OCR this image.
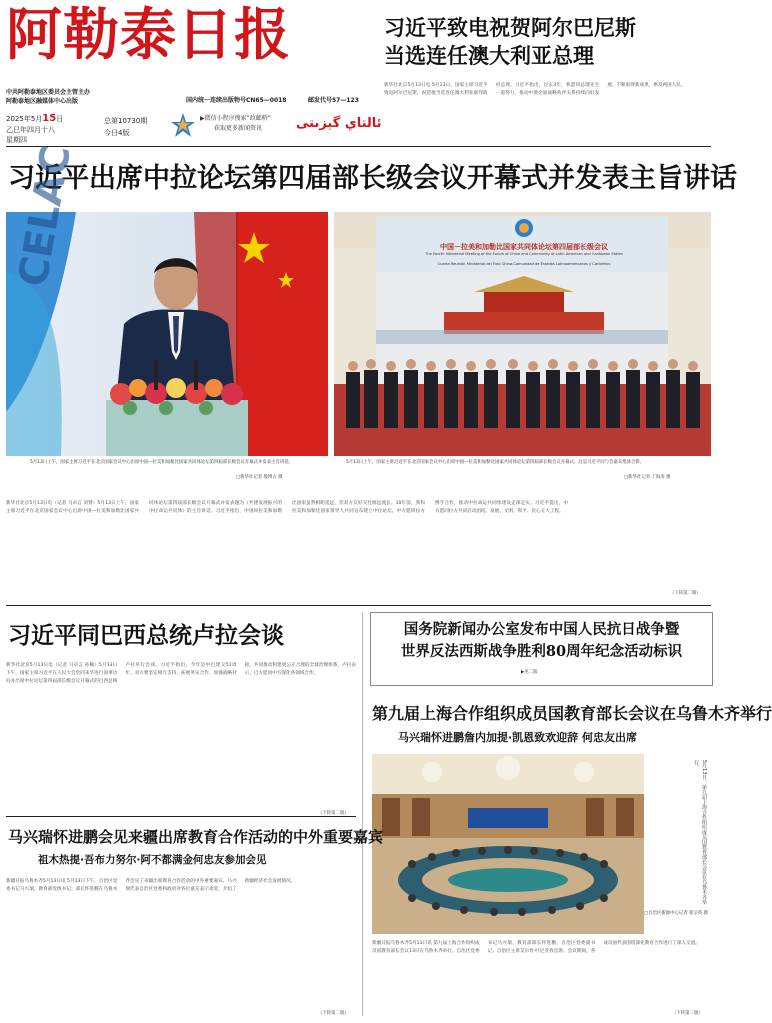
阿勒泰日报
中共阿勒泰地区委员会主管主办
阿勒泰地区融媒体中心出版
2025年5月15日
乙巳年四月十八
星期四
总第10730期
今日4版
国内统一连续出版物号CN65—0018	邮发代号57—123
▶微信小程序搜索“政邮桥”
获取更多新闻资讯	ئالتاي گېزىتى
习近平致电祝贺阿尔巴尼斯
当选连任澳大利亚总理
新华社北京5月13日电 5月13日，国家主席习近平致电阿尔巴尼斯，祝贺他当选连任澳大利亚联邦政府总理。习近平指出，过去3年，我愿同总理先生一道努力，推动中澳全面战略伙伴关系持续向好发展，不断取得新成果，惠及两国人民。
习近平出席中拉论坛第四届部长级会议开幕式并发表主旨讲话
CELAC	中国－拉美和加勒比国家共同体论坛第四届部长级会议
The Fourth Ministerial Meeting of the Forum of China and Community of Latin American and Caribbean States
Cuarta Reunión Ministerial del Foro China-Comunidad de Estados Latinoamericanos y Caribeños
5月13日上午，国家主席习近平在北京国家会议中心出席中国—拉美和加勒比国家共同体论坛第四届部长级会议开幕式并发表主旨讲话。
□新华社记者 殷博古 摄
5月13日上午，国家主席习近平在北京国家会议中心出席中国—拉美和加勒比国家共同体论坛第四届部长级会议开幕式。这是习近平同与会嘉宾集体合影。
□新华社记者 丁海涛 摄
新华社北京5月13日电（记者 马卓言 刘赞）5月13日上午，国家主席习近平在北京国家会议中心出席中国—拉美和加勒比国家共同体论坛第四届部长级会议开幕式并发表题为《共建发展振兴的中拉命运共同体》的主旨讲话。习近平指出，中国同拉美和加勒比国家虽然相距遥远，但双方友好交往源远流长。10年前，我和拉美和加勒比国家领导人共同宣布建立中拉论坛。中方愿同拉方携手合作，推动中拉命运共同体建设走深走实。习近平提出，中方愿同拉方共同启动团结、发展、文明、和平、民心五大工程。
（下转第二版）
习近平同巴西总统卢拉会谈
新华社北京5月13日电（记者 马卓言 孙楠）5月13日下午，国家主席习近平在人民大会堂同来华进行国事访问并出席中拉论坛第四届部长级会议开幕式的巴西总统卢拉举行会谈。习近平指出，今年是中巴建交51周年。双方要坚定相互支持，拓展务实合作，加强战略对接，共同推动构建更公正合理的全球治理体系。卢拉表示，巴方愿同中方深化各领域合作。
（下转第二版）
国务院新闻办公室发布中国人民抗日战争暨
世界反法西斯战争胜利80周年纪念活动标识
▶见二版
第九届上海合作组织成员国教育部长会议在乌鲁木齐举行
马兴瑞怀进鹏詹内加提·凯恩致欢迎辞 何忠友出席
5月13日，第九届上海合作组织成员国教育部长会议在乌鲁木齐举行。
□自治区新闻中心记者 崔宗英 摄
新疆日报乌鲁木齐5月13日讯 第九届上海合作组织成员国教育部长会议13日在乌鲁木齐举行。自治区党委书记马兴瑞，教育部部长怀进鹏，自治区党委副书记、自治区主席艾尔肯·吐尼亚孜出席。会议期间，各成员国代表围绕深化教育合作进行了深入交流。
（下转第二版）
马兴瑞怀进鹏会见来疆出席教育合作活动的中外重要嘉宾
祖木热提·吾布力努尔·阿不都满金何忠友参加会见
新疆日报乌鲁木齐5月13日讯 5月13日下午，自治区党委书记马兴瑞，教育部党组书记、部长怀进鹏在乌鲁木齐会见了来疆出席教育合作活动的中外重要嘉宾。马兴瑞代表自治区党委和政府对各位嘉宾表示欢迎，介绍了新疆经济社会发展情况。
（下转第二版）
